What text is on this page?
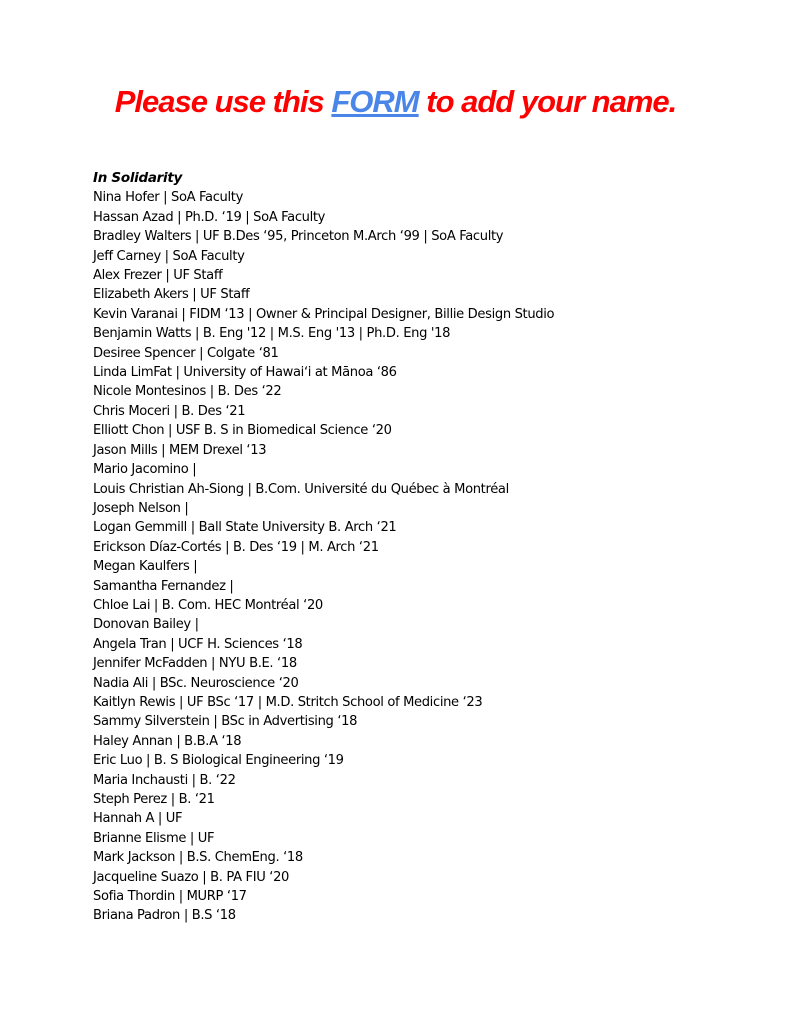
Please use this FORM to add your name.
In Solidarity
Nina Hofer | SoA Faculty
Hassan Azad | Ph.D. ‘19 | SoA Faculty
Bradley Walters | UF B.Des ‘95, Princeton M.Arch ‘99 | SoA Faculty
Jeff Carney | SoA Faculty
Alex Frezer | UF Staff
Elizabeth Akers | UF Staff
Kevin Varanai | FIDM ‘13 | Owner & Principal Designer, Billie Design Studio
Benjamin Watts | B. Eng '12 | M.S. Eng '13 | Ph.D. Eng '18
Desiree Spencer | Colgate ‘81
Linda LimFat | University of Hawaiʻi at Mānoa ‘86
Nicole Montesinos | B. Des ‘22
Chris Moceri | B. Des ‘21
Elliott Chon | USF B. S in Biomedical Science ‘20
Jason Mills | MEM Drexel ‘13
Mario Jacomino |
Louis Christian Ah-Siong | B.Com. Université du Québec à Montréal
Joseph Nelson |
Logan Gemmill | Ball State University B. Arch ‘21
Erickson Díaz-Cortés | B. Des ‘19 | M. Arch ‘21
Megan Kaulfers |
Samantha Fernandez |
Chloe Lai | B. Com. HEC Montréal ‘20
Donovan Bailey |
Angela Tran | UCF H. Sciences ‘18
Jennifer McFadden | NYU B.E. ‘18
Nadia Ali | BSc. Neuroscience ‘20
Kaitlyn Rewis | UF BSc ‘17 | M.D. Stritch School of Medicine ‘23
Sammy Silverstein | BSc in Advertising ‘18
Haley Annan | B.B.A ‘18
Eric Luo | B. S Biological Engineering ‘19
Maria Inchausti | B. ‘22
Steph Perez | B. ‘21
Hannah A | UF
Brianne Elisme | UF
Mark Jackson | B.S. ChemEng. ‘18
Jacqueline Suazo | B. PA FIU ‘20
Sofia Thordin | MURP ‘17
Briana Padron | B.S ‘18
